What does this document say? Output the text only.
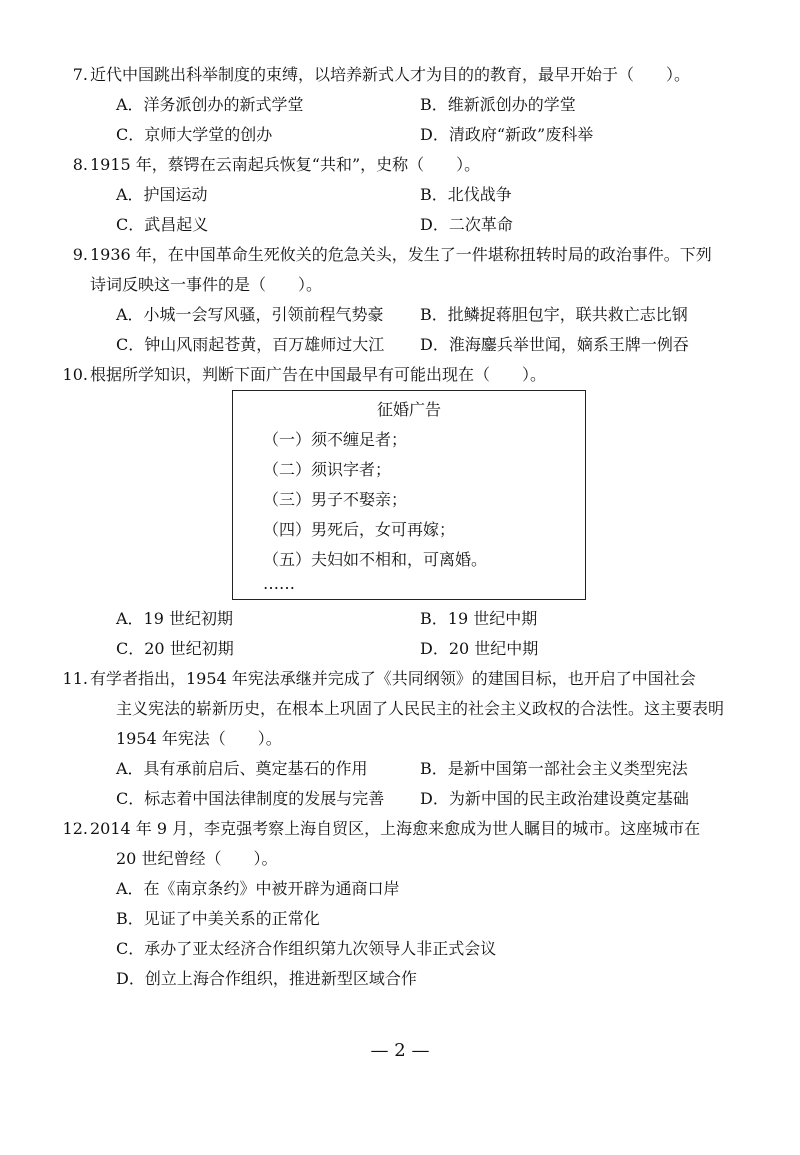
7. 近代中国跳出科举制度的束缚，以培养新式人才为目的的教育，最早开始于（　　）。
A．洋务派创办的新式学堂	B．维新派创办的学堂
C．京师大学堂的创办	D．清政府“新政”废科举
8. 1915 年，蔡锷在云南起兵恢复“共和”，史称（　　）。
A．护国运动	B．北伐战争
C．武昌起义	D．二次革命
9. 1936 年，在中国革命生死攸关的危急关头，发生了一件堪称扭转时局的政治事件。下列
诗词反映这一事件的是（　　）。
A．小城一会写风骚，引领前程气势豪 B．批鳞捉蒋胆包宇，联共救亡志比钢
C．钟山风雨起苍黄，百万雄师过大江 D．淮海鏖兵举世闻，嫡系王牌一例吞
10. 根据所学知识，判断下面广告在中国最早有可能出现在（　　）。
征婚广告
（一）须不缠足者；
（二）须识字者；
（三）男子不娶亲；
（四）男死后，女可再嫁；
（五）夫妇如不相和，可离婚。
……
A．19 世纪初期	B．19 世纪中期
C．20 世纪初期	D．20 世纪中期
11. 有学者指出，1954 年宪法承继并完成了《共同纲领》的建国目标，也开启了中国社会
主义宪法的崭新历史，在根本上巩固了人民民主的社会主义政权的合法性。这主要表明
1954 年宪法（　　）。
A．具有承前启后、奠定基石的作用	B．是新中国第一部社会主义类型宪法
C．标志着中国法律制度的发展与完善 D．为新中国的民主政治建设奠定基础
12. 2014 年 9 月，李克强考察上海自贸区，上海愈来愈成为世人瞩目的城市。这座城市在
20 世纪曾经（　　）。
A．在《南京条约》中被开辟为通商口岸
B．见证了中美关系的正常化
C．承办了亚太经济合作组织第九次领导人非正式会议
D．创立上海合作组织，推进新型区域合作
— 2 —
